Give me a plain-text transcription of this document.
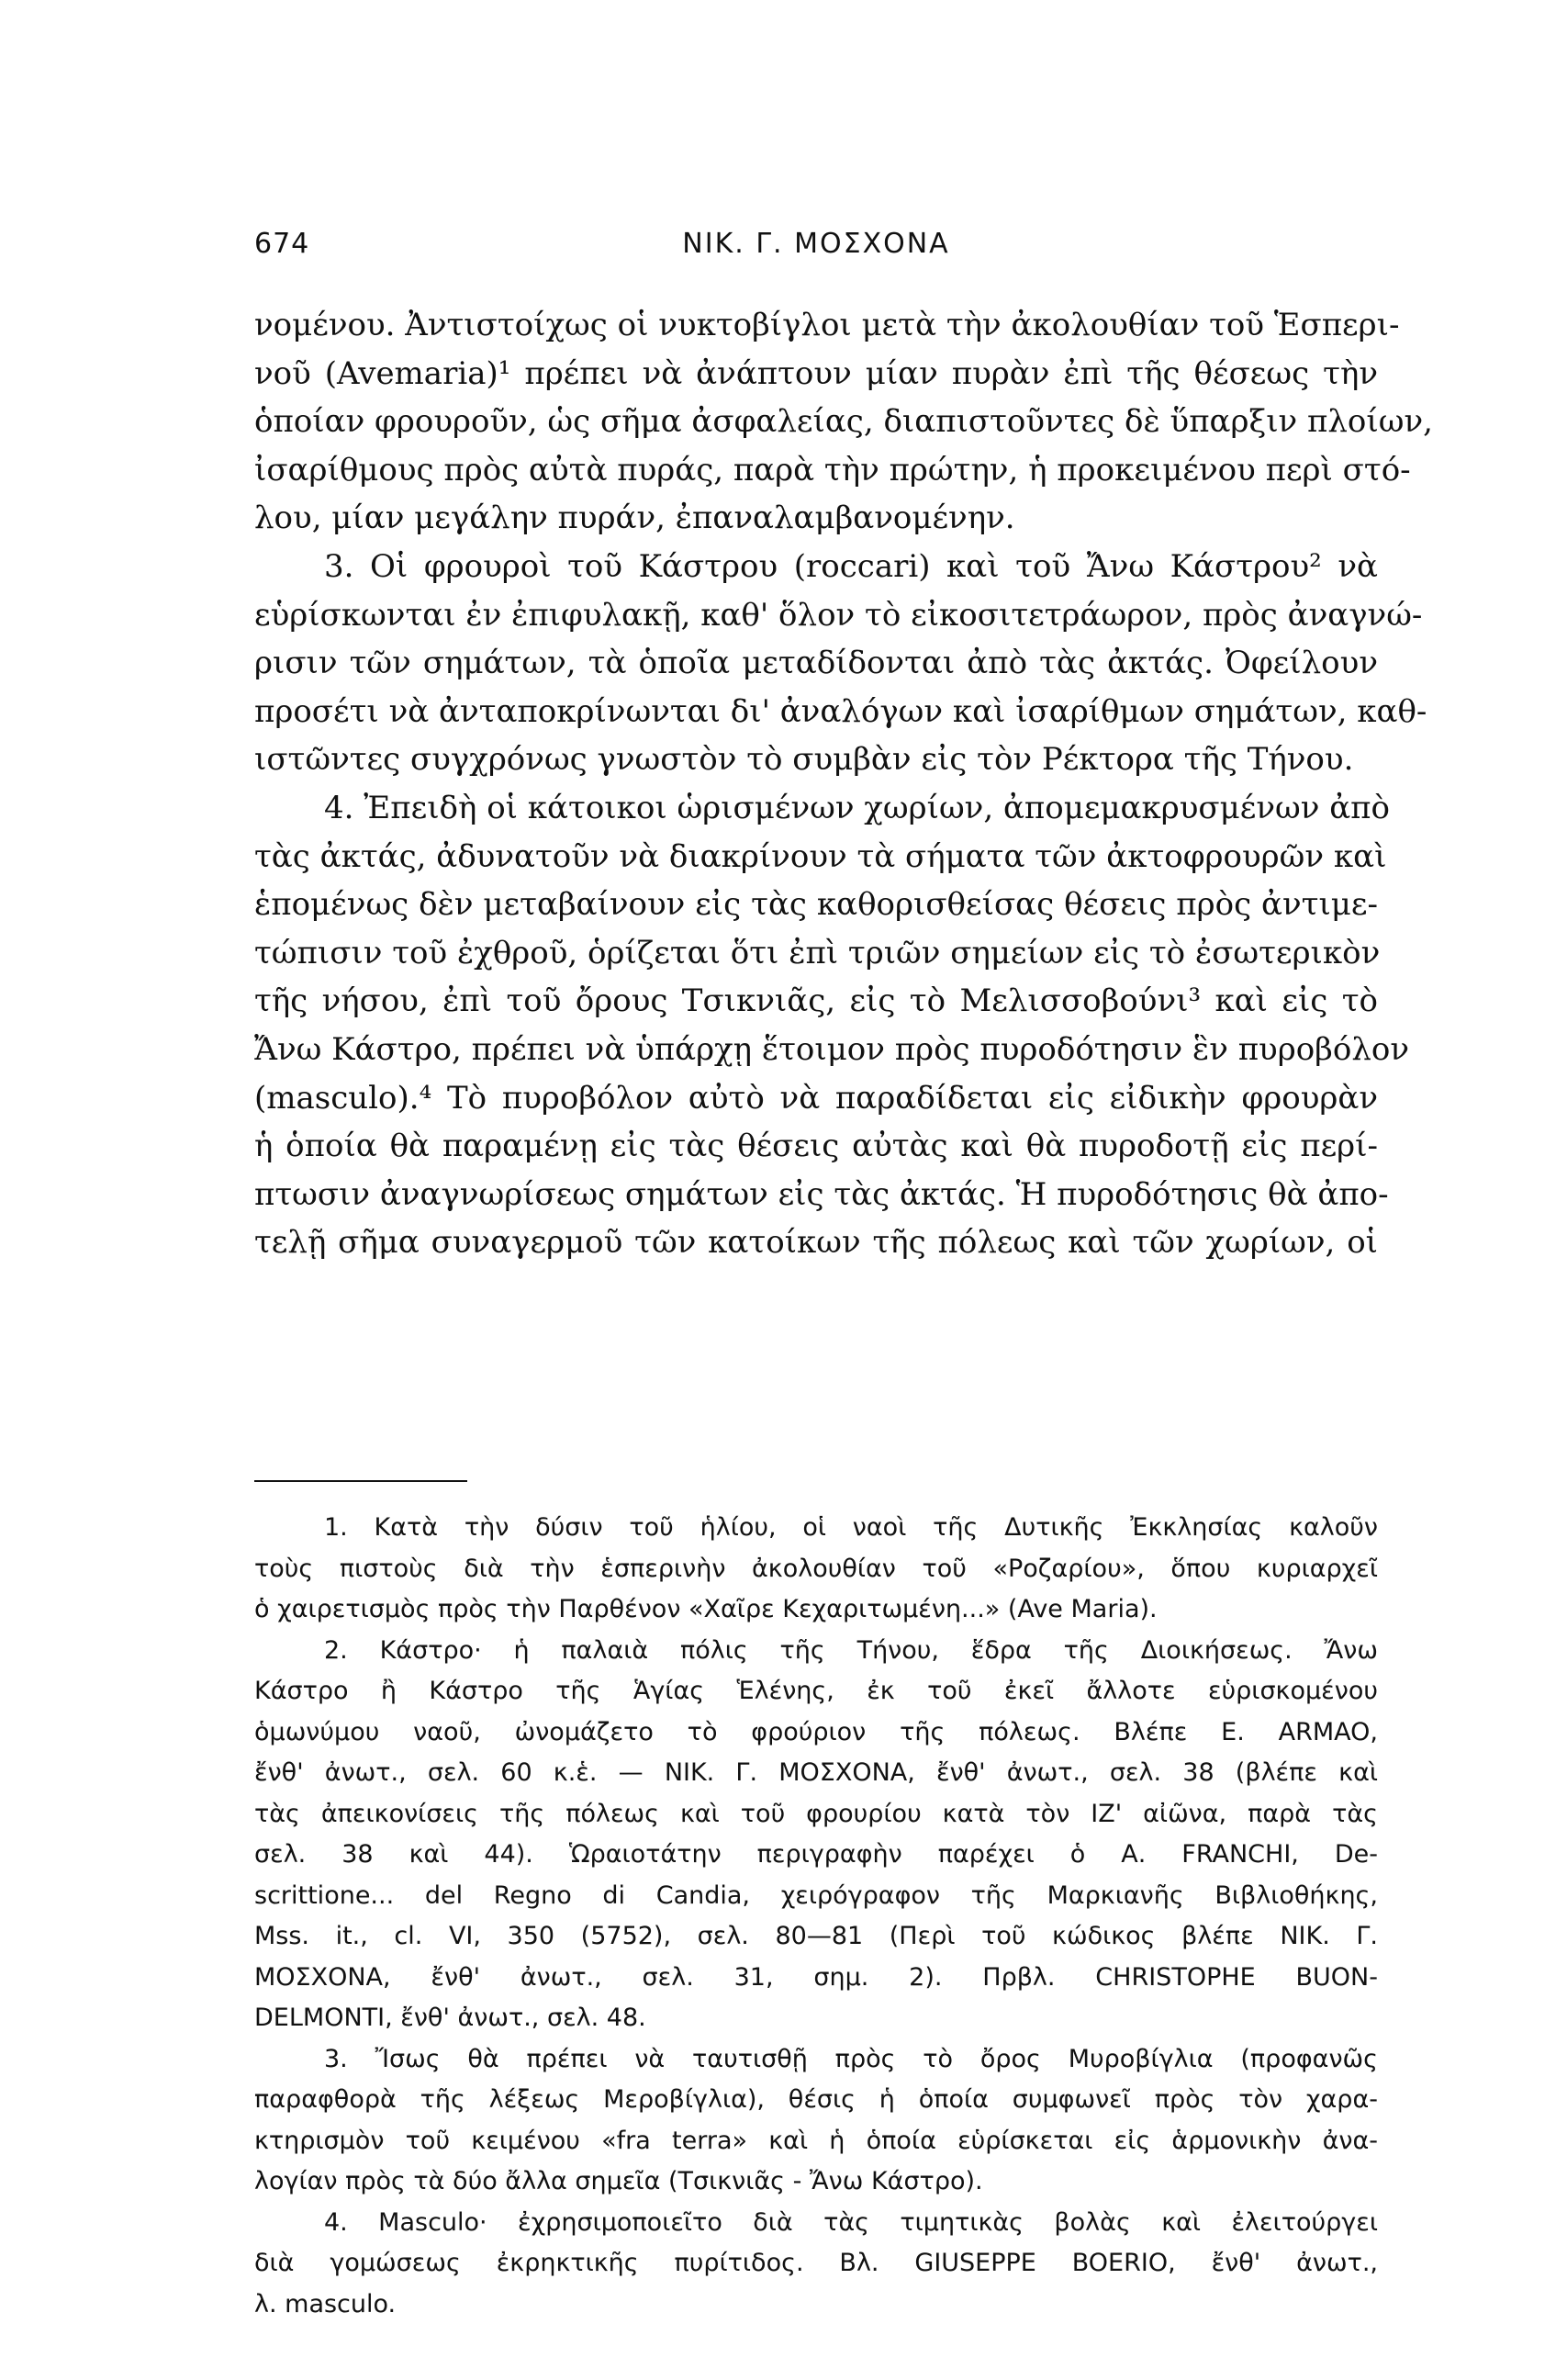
674	ΝΙΚ. Γ. ΜΟΣΧΟΝΑ
νομένου. Ἀντιστοίχως οἱ νυκτοβίγλοι μετὰ τὴν ἀκολουθίαν τοῦ Ἑσπερι-
νοῦ (Avemaria)¹ πρέπει νὰ ἀνάπτουν μίαν πυρὰν ἐπὶ τῆς θέσεως τὴν
ὁποίαν φρουροῦν, ὡς σῆμα ἀσφαλείας, διαπιστοῦντες δὲ ὕπαρξιν πλοίων,
ἰσαρίθμους πρὸς αὐτὰ πυράς, παρὰ τὴν πρώτην, ἡ προκειμένου περὶ στό-
λου, μίαν μεγάλην πυράν, ἐπαναλαμβανομένην.
3. Οἱ φρουροὶ τοῦ Κάστρου (roccari) καὶ τοῦ Ἄνω Κάστρου² νὰ
εὑρίσκωνται ἐν ἐπιφυλακῇ, καθ' ὅλον τὸ εἰκοσιτετράωρον, πρὸς ἀναγνώ-
ρισιν τῶν σημάτων, τὰ ὁποῖα μεταδίδονται ἀπὸ τὰς ἀκτάς. Ὀφείλουν
προσέτι νὰ ἀνταποκρίνωνται δι' ἀναλόγων καὶ ἰσαρίθμων σημάτων, καθ-
ιστῶντες συγχρόνως γνωστὸν τὸ συμβὰν εἰς τὸν Ρέκτορα τῆς Τήνου.
4. Ἐπειδὴ οἱ κάτοικοι ὡρισμένων χωρίων, ἀπομεμακρυσμένων ἀπὸ
τὰς ἀκτάς, ἀδυνατοῦν νὰ διακρίνουν τὰ σήματα τῶν ἀκτοφρουρῶν καὶ
ἑπομένως δὲν μεταβαίνουν εἰς τὰς καθορισθείσας θέσεις πρὸς ἀντιμε-
τώπισιν τοῦ ἐχθροῦ, ὁρίζεται ὅτι ἐπὶ τριῶν σημείων εἰς τὸ ἐσωτερικὸν
τῆς νήσου, ἐπὶ τοῦ ὄρους Τσικνιᾶς, εἰς τὸ Μελισσοβούνι³ καὶ εἰς τὸ
Ἄνω Κάστρο, πρέπει νὰ ὑπάρχῃ ἕτοιμον πρὸς πυροδότησιν ἓν πυροβόλον
(masculo).⁴ Τὸ πυροβόλον αὐτὸ νὰ παραδίδεται εἰς εἰδικὴν φρουρὰν
ἡ ὁποία θὰ παραμένῃ εἰς τὰς θέσεις αὐτὰς καὶ θὰ πυροδοτῇ εἰς περί-
πτωσιν ἀναγνωρίσεως σημάτων εἰς τὰς ἀκτάς. Ἡ πυροδότησις θὰ ἀπο-
τελῇ σῆμα συναγερμοῦ τῶν κατοίκων τῆς πόλεως καὶ τῶν χωρίων, οἱ
1. Κατὰ τὴν δύσιν τοῦ ἡλίου, οἱ ναοὶ τῆς Δυτικῆς Ἐκκλησίας καλοῦν
τοὺς πιστοὺς διὰ τὴν ἑσπερινὴν ἀκολουθίαν τοῦ «Ροζαρίου», ὅπου κυριαρχεῖ
ὁ χαιρετισμὸς πρὸς τὴν Παρθένον «Χαῖρε Κεχαριτωμένη...» (Ave Maria).
2. Κάστρο· ἡ παλαιὰ πόλις τῆς Τήνου, ἕδρα τῆς Διοικήσεως. Ἄνω
Κάστρο ἢ Κάστρο τῆς Ἁγίας Ἑλένης, ἐκ τοῦ ἐκεῖ ἄλλοτε εὑρισκομένου
ὁμωνύμου ναοῦ, ὠνομάζετο τὸ φρούριον τῆς πόλεως. Βλέπε Ε. ARMAO,
ἔνθ' ἀνωτ., σελ. 60 κ.ἑ. — ΝΙΚ. Γ. ΜΟΣΧΟΝΑ, ἔνθ' ἀνωτ., σελ. 38 (βλέπε καὶ
τὰς ἀπεικονίσεις τῆς πόλεως καὶ τοῦ φρουρίου κατὰ τὸν ΙΖ' αἰῶνα, παρὰ τὰς
σελ. 38 καὶ 44). Ὡραιοτάτην περιγραφὴν παρέχει ὁ Α. FRANCHI, De-
scrittione... del Regno di Candia, χειρόγραφον τῆς Μαρκιανῆς Βιβλιοθήκης,
Mss. it., cl. VI, 350 (5752), σελ. 80—81 (Περὶ τοῦ κώδικος βλέπε ΝΙΚ. Γ.
ΜΟΣΧΟΝΑ, ἔνθ' ἀνωτ., σελ. 31, σημ. 2). Πρβλ. CHRISTOPHE BUON-
DELMONTI, ἔνθ' ἀνωτ., σελ. 48.
3. Ἴσως θὰ πρέπει νὰ ταυτισθῇ πρὸς τὸ ὄρος Μυροβίγλια (προφανῶς
παραφθορὰ τῆς λέξεως Μεροβίγλια), θέσις ἡ ὁποία συμφωνεῖ πρὸς τὸν χαρα-
κτηρισμὸν τοῦ κειμένου «fra terra» καὶ ἡ ὁποία εὑρίσκεται εἰς ἁρμονικὴν ἀνα-
λογίαν πρὸς τὰ δύο ἄλλα σημεῖα (Τσικνιᾶς - Ἄνω Κάστρο).
4. Masculo· ἐχρησιμοποιεῖτο διὰ τὰς τιμητικὰς βολὰς καὶ ἐλειτούργει
διὰ γομώσεως ἐκρηκτικῆς πυρίτιδος. Βλ. GIUSEPPE BOERIO, ἔνθ' ἀνωτ.,
λ. masculo.
